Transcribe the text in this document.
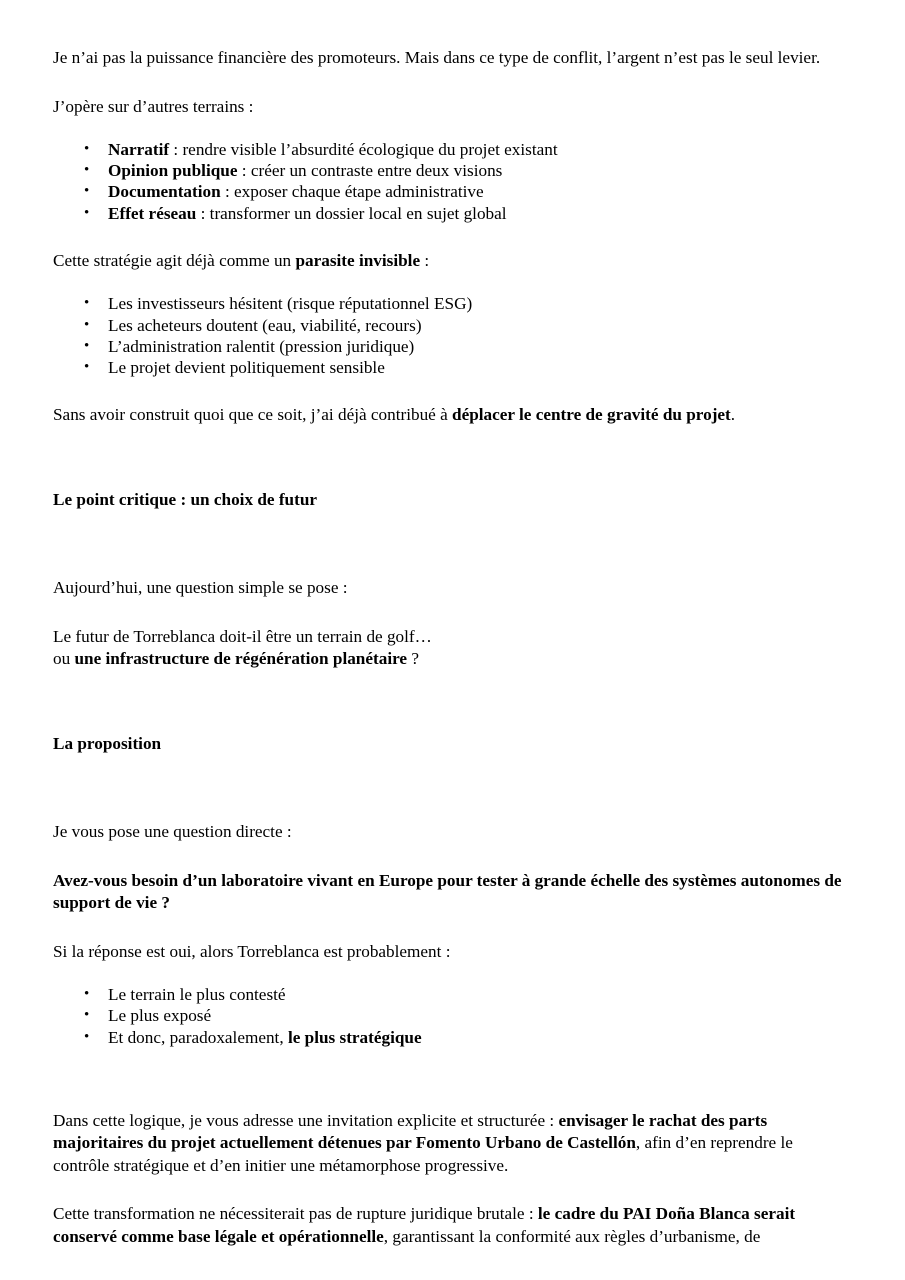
Je n’ai pas la puissance financière des promoteurs. Mais dans ce type de conflit, l’argent n’est pas le seul levier.

J’opère sur d’autres terrains :

• Narratif : rendre visible l’absurdité écologique du projet existant
• Opinion publique : créer un contraste entre deux visions
• Documentation : exposer chaque étape administrative
• Effet réseau : transformer un dossier local en sujet global

Cette stratégie agit déjà comme un parasite invisible :

• Les investisseurs hésitent (risque réputationnel ESG)
• Les acheteurs doutent (eau, viabilité, recours)
• L’administration ralentit (pression juridique)
• Le projet devient politiquement sensible

Sans avoir construit quoi que ce soit, j’ai déjà contribué à déplacer le centre de gravité du projet.

Le point critique : un choix de futur

Aujourd’hui, une question simple se pose :

Le futur de Torreblanca doit-il être un terrain de golf…
ou une infrastructure de régénération planétaire ?

La proposition

Je vous pose une question directe :

Avez-vous besoin d’un laboratoire vivant en Europe pour tester à grande échelle des systèmes autonomes de support de vie ?

Si la réponse est oui, alors Torreblanca est probablement :

• Le terrain le plus contesté
• Le plus exposé
• Et donc, paradoxalement, le plus stratégique

Dans cette logique, je vous adresse une invitation explicite et structurée : envisager le rachat des parts majoritaires du projet actuellement détenues par Fomento Urbano de Castellón, afin d’en reprendre le contrôle stratégique et d’en initier une métamorphose progressive.

Cette transformation ne nécessiterait pas de rupture juridique brutale : le cadre du PAI Doña Blanca serait conservé comme base légale et opérationnelle, garantissant la conformité aux règles d’urbanisme, de
